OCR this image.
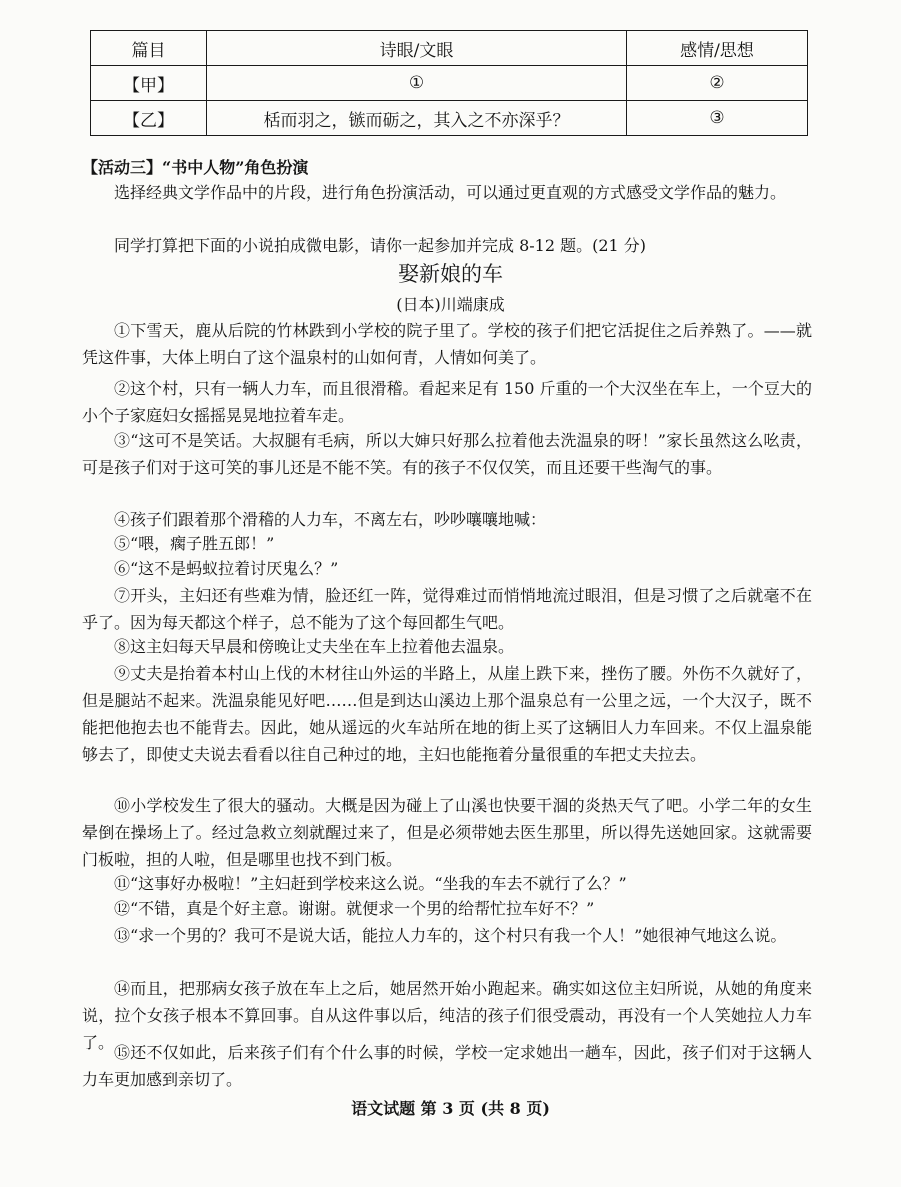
篇目	诗眼/文眼	感情/思想
【甲】	①	②
【乙】	栝而羽之，镞而砺之，其入之不亦深乎？	③
【活动三】“书中人物”角色扮演
选择经典文学作品中的片段，进行角色扮演活动，可以通过更直观的方式感受文学作品的魅力。
同学打算把下面的小说拍成微电影，请你一起参加并完成 8-12 题。(21 分)
娶新娘的车
(日本)川端康成
①下雪天，鹿从后院的竹林跌到小学校的院子里了。学校的孩子们把它活捉住之后养熟了。——就凭这件事，大体上明白了这个温泉村的山如何青，人情如何美了。
②这个村，只有一辆人力车，而且很滑稽。看起来足有 150 斤重的一个大汉坐在车上，一个豆大的小个子家庭妇女摇摇晃晃地拉着车走。
③“这可不是笑话。大叔腿有毛病，所以大婶只好那么拉着他去洗温泉的呀！”家长虽然这么吆责，可是孩子们对于这可笑的事儿还是不能不笑。有的孩子不仅仅笑，而且还要干些淘气的事。
④孩子们跟着那个滑稽的人力车，不离左右，吵吵嚷嚷地喊：
⑤“喂，瘸子胜五郎！”
⑥“这不是蚂蚁拉着讨厌鬼么？”
⑦开头，主妇还有些难为情，脸还红一阵，觉得难过而悄悄地流过眼泪，但是习惯了之后就毫不在乎了。因为每天都这个样子，总不能为了这个每回都生气吧。
⑧这主妇每天早晨和傍晚让丈夫坐在车上拉着他去温泉。
⑨丈夫是抬着本村山上伐的木材往山外运的半路上，从崖上跌下来，挫伤了腰。外伤不久就好了，但是腿站不起来。洗温泉能见好吧……但是到达山溪边上那个温泉总有一公里之远，一个大汉子，既不能把他抱去也不能背去。因此，她从遥远的火车站所在地的街上买了这辆旧人力车回来。不仅上温泉能够去了，即使丈夫说去看看以往自己种过的地，主妇也能拖着分量很重的车把丈夫拉去。
⑩小学校发生了很大的骚动。大概是因为碰上了山溪也快要干涸的炎热天气了吧。小学二年的女生晕倒在操场上了。经过急救立刻就醒过来了，但是必须带她去医生那里，所以得先送她回家。这就需要门板啦，担的人啦，但是哪里也找不到门板。
⑪“这事好办极啦！”主妇赶到学校来这么说。“坐我的车去不就行了么？”
⑫“不错，真是个好主意。谢谢。就便求一个男的给帮忙拉车好不？”
⑬“求一个男的？我可不是说大话，能拉人力车的，这个村只有我一个人！”她很神气地这么说。
⑭而且，把那病女孩子放在车上之后，她居然开始小跑起来。确实如这位主妇所说，从她的角度来说，拉个女孩子根本不算回事。自从这件事以后，纯洁的孩子们很受震动，再没有一个人笑她拉人力车了。
⑮还不仅如此，后来孩子们有个什么事的时候，学校一定求她出一趟车，因此，孩子们对于这辆人力车更加感到亲切了。
语文试题 第 3 页 (共 8 页)
